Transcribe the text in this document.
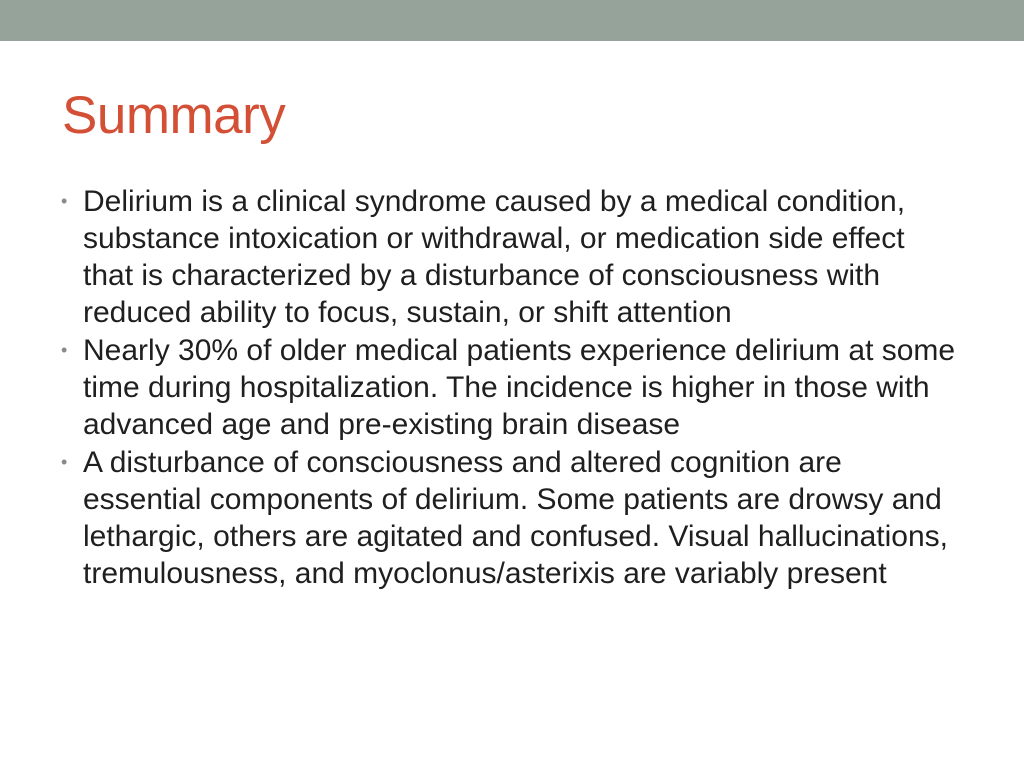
Summary
• Delirium is a clinical syndrome caused by a medical condition, substance intoxication or withdrawal, or medication side effect that is characterized by a disturbance of consciousness with reduced ability to focus, sustain, or shift attention
• Nearly 30% of older medical patients experience delirium at some time during hospitalization. The incidence is higher in those with advanced age and pre-existing brain disease
• A disturbance of consciousness and altered cognition are essential components of delirium. Some patients are drowsy and lethargic, others are agitated and confused. Visual hallucinations, tremulousness, and myoclonus/asterixis are variably present
